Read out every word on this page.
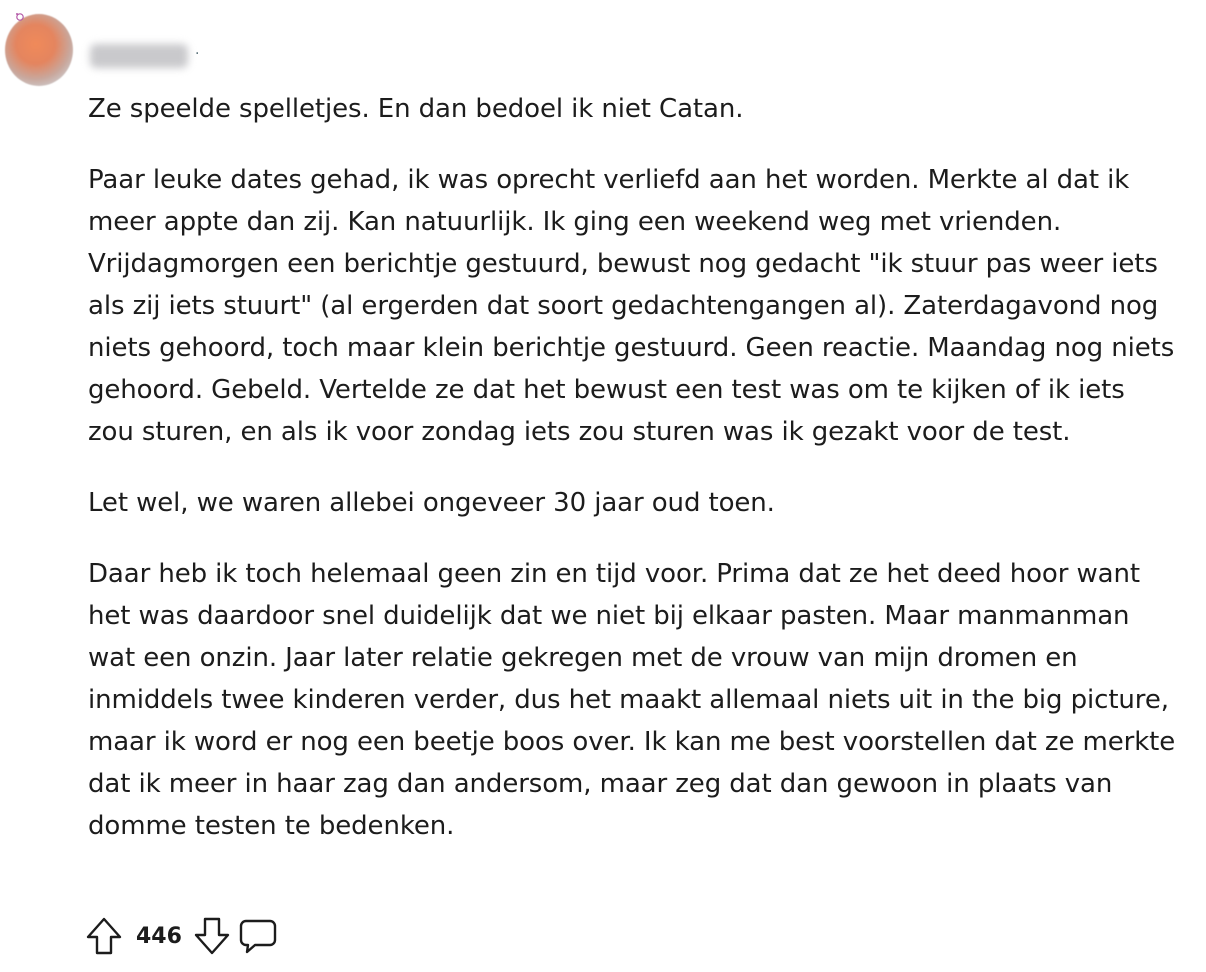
·

Ze speelde spelletjes. En dan bedoel ik niet Catan.

Paar leuke dates gehad, ik was oprecht verliefd aan het worden. Merkte al dat ik meer appte dan zij. Kan natuurlijk. Ik ging een weekend weg met vrienden. Vrijdagmorgen een berichtje gestuurd, bewust nog gedacht "ik stuur pas weer iets als zij iets stuurt" (al ergerden dat soort gedachtengangen al). Zaterdagavond nog niets gehoord, toch maar klein berichtje gestuurd. Geen reactie. Maandag nog niets gehoord. Gebeld. Vertelde ze dat het bewust een test was om te kijken of ik iets zou sturen, en als ik voor zondag iets zou sturen was ik gezakt voor de test.

Let wel, we waren allebei ongeveer 30 jaar oud toen.

Daar heb ik toch helemaal geen zin en tijd voor. Prima dat ze het deed hoor want het was daardoor snel duidelijk dat we niet bij elkaar pasten. Maar manmanman wat een onzin. Jaar later relatie gekregen met de vrouw van mijn dromen en inmiddels twee kinderen verder, dus het maakt allemaal niets uit in the big picture, maar ik word er nog een beetje boos over. Ik kan me best voorstellen dat ze merkte dat ik meer in haar zag dan andersom, maar zeg dat dan gewoon in plaats van domme testen te bedenken.

446
